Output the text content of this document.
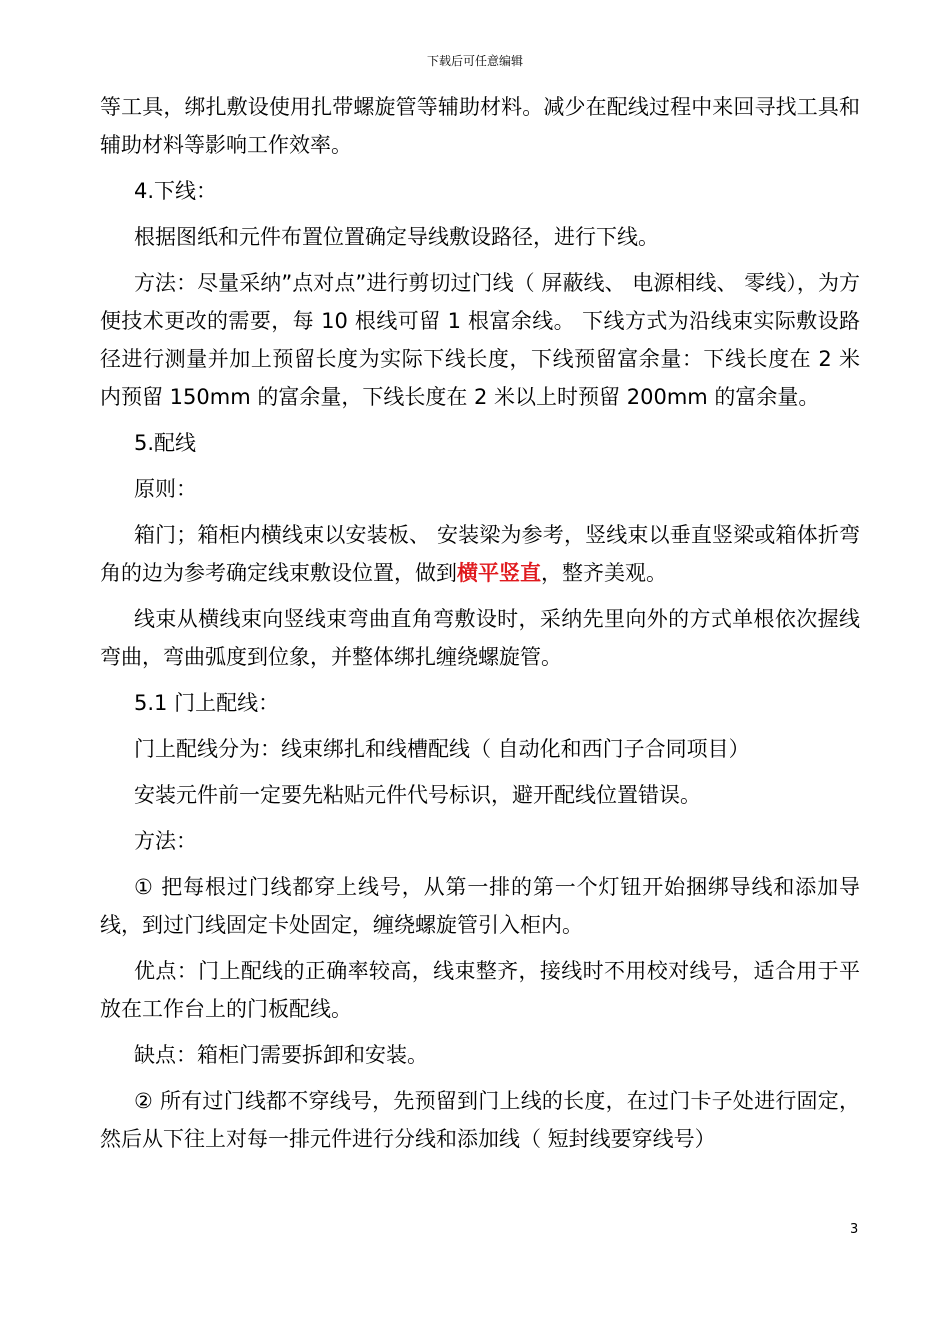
下载后可任意编辑

等工具，绑扎敷设使用扎带螺旋管等辅助材料。减少在配线过程中来回寻找工具和辅助材料等影响工作效率。

4.下线：

根据图纸和元件布置位置确定导线敷设路径，进行下线。

方法：尽量采纳”点对点”进行剪切过门线（ 屏蔽线、 电源相线、 零线），为方便技术更改的需要，每 10 根线可留 1 根富余线。 下线方式为沿线束实际敷设路径进行测量并加上预留长度为实际下线长度，下线预留富余量：下线长度在 2 米内预留 150mm 的富余量，下线长度在 2 米以上时预留 200mm 的富余量。

5.配线

原则：

箱门；箱柜内横线束以安装板、 安装梁为参考，竖线束以垂直竖梁或箱体折弯角的边为参考确定线束敷设位置，做到横平竖直，整齐美观。

线束从横线束向竖线束弯曲直角弯敷设时，采纳先里向外的方式单根依次握线弯曲，弯曲弧度到位象，并整体绑扎缠绕螺旋管。

5.1 门上配线：

门上配线分为：线束绑扎和线槽配线（ 自动化和西门子合同项目）

安装元件前一定要先粘贴元件代号标识，避开配线位置错误。

方法：

① 把每根过门线都穿上线号，从第一排的第一个灯钮开始捆绑导线和添加导线，到过门线固定卡处固定，缠绕螺旋管引入柜内。

优点：门上配线的正确率较高，线束整齐，接线时不用校对线号，适合用于平放在工作台上的门板配线。

缺点：箱柜门需要拆卸和安装。

② 所有过门线都不穿线号，先预留到门上线的长度，在过门卡子处进行固定，然后从下往上对每一排元件进行分线和添加线（ 短封线要穿线号）

3
